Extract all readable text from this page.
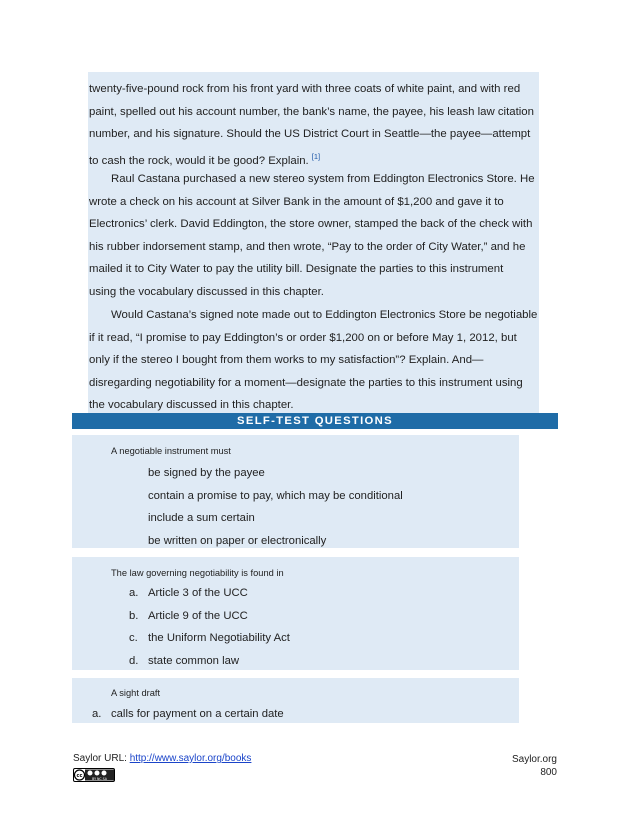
twenty-five-pound rock from his front yard with three coats of white paint, and with red
paint, spelled out his account number, the bank’s name, the payee, his leash law citation
number, and his signature. Should the US District Court in Seattle—the payee—attempt
to cash the rock, would it be good? Explain. [1]

Raul Castana purchased a new stereo system from Eddington Electronics Store. He
wrote a check on his account at Silver Bank in the amount of $1,200 and gave it to
Electronics’ clerk. David Eddington, the store owner, stamped the back of the check with
his rubber indorsement stamp, and then wrote, “Pay to the order of City Water,” and he
mailed it to City Water to pay the utility bill. Designate the parties to this instrument
using the vocabulary discussed in this chapter.

Would Castana’s signed note made out to Eddington Electronics Store be negotiable
if it read, “I promise to pay Eddington’s or order $1,200 on or before May 1, 2012, but
only if the stereo I bought from them works to my satisfaction”? Explain. And—
disregarding negotiability for a moment—designate the parties to this instrument using
the vocabulary discussed in this chapter.

SELF-TEST QUESTIONS
A negotiable instrument must
be signed by the payee
contain a promise to pay, which may be conditional
include a sum certain
be written on paper or electronically
The law governing negotiability is found in
a. Article 3 of the UCC
b. Article 9 of the UCC
c. the Uniform Negotiability Act
d. state common law
A sight draft
a. calls for payment on a certain date
Saylor URL: http://www.saylor.org/books
cc	BY NC SA
Saylor.org
800
